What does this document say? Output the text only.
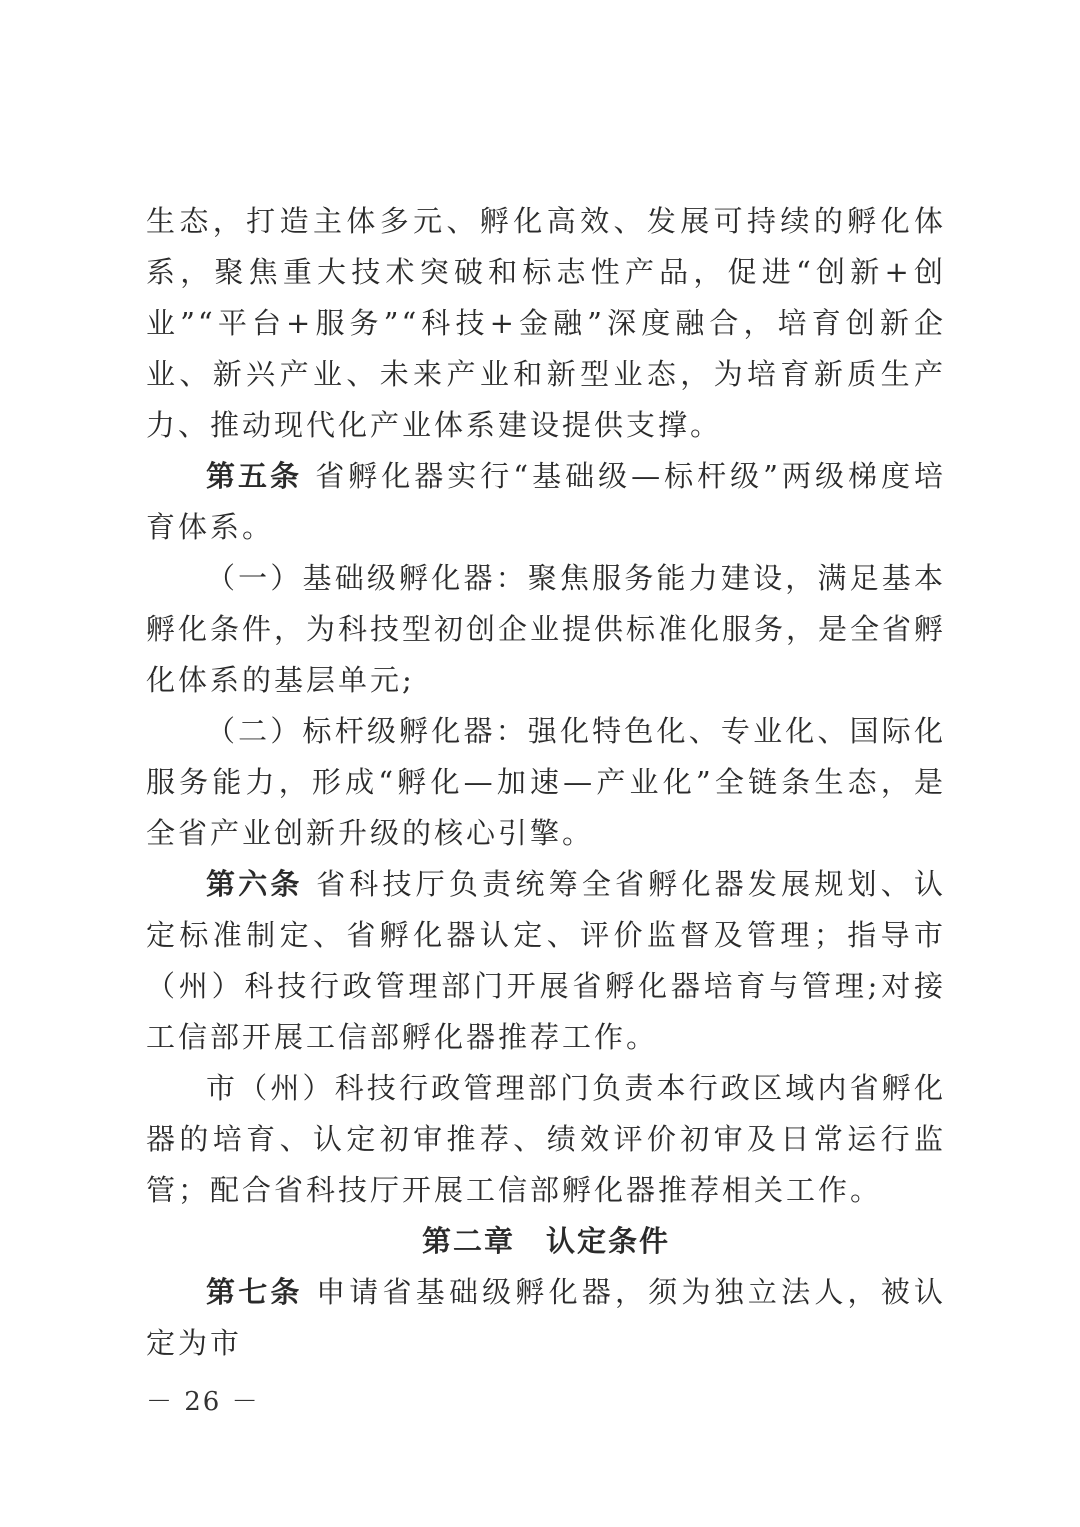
生态，打造主体多元、孵化高效、发展可持续的孵化体系，聚焦重大技术突破和标志性产品，促进“创新+创业”“平台+服务”“科技+金融”深度融合，培育创新企业、新兴产业、未来产业和新型业态，为培育新质生产力、推动现代化产业体系建设提供支撑。

第五条 省孵化器实行“基础级—标杆级”两级梯度培育体系。

（一）基础级孵化器：聚焦服务能力建设，满足基本孵化条件，为科技型初创企业提供标准化服务，是全省孵化体系的基层单元;

（二）标杆级孵化器：强化特色化、专业化、国际化服务能力，形成“孵化—加速—产业化”全链条生态，是全省产业创新升级的核心引擎。

第六条 省科技厅负责统筹全省孵化器发展规划、认定标准制定、省孵化器认定、评价监督及管理；指导市（州）科技行政管理部门开展省孵化器培育与管理;对接工信部开展工信部孵化器推荐工作。

市（州）科技行政管理部门负责本行政区域内省孵化器的培育、认定初审推荐、绩效评价初审及日常运行监管；配合省科技厅开展工信部孵化器推荐相关工作。

第二章　认定条件

第七条 申请省基础级孵化器，须为独立法人，被认定为市

－ 26 －
